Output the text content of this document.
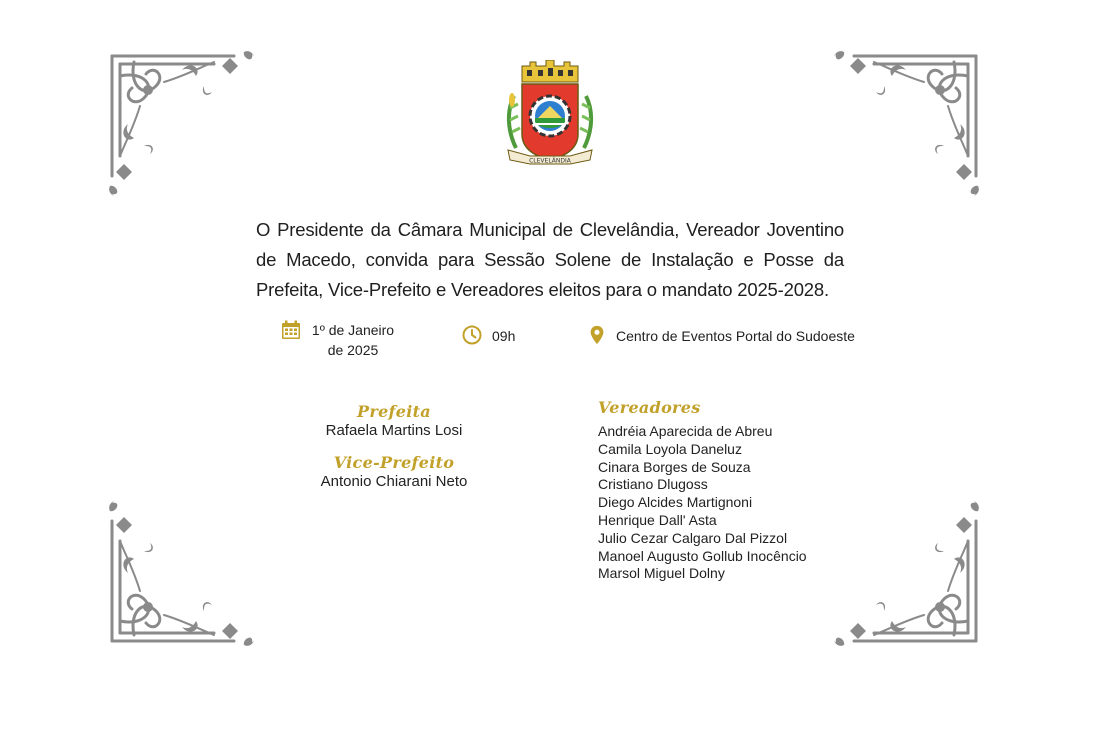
CLEVELÂNDIA

O Presidente da Câmara Municipal de Clevelândia, Vereador Joventino de Macedo, convida para Sessão Solene de Instalação e Posse da Prefeita, Vice-Prefeito e Vereadores eleitos para o mandato 2025-2028.

1º de Janeiro
de 2025
09h	Centro de Eventos Portal do Sudoeste
Prefeita
Rafaela Martins Losi
Vice-Prefeito
Antonio Chiarani Neto
Vereadores
Andréia Aparecida de Abreu
Camila Loyola Daneluz
Cinara Borges de Souza
Cristiano Dlugoss
Diego Alcides Martignoni
Henrique Dall' Asta
Julio Cezar Calgaro Dal Pizzol
Manoel Augusto Gollub Inocêncio
Marsol Miguel Dolny
